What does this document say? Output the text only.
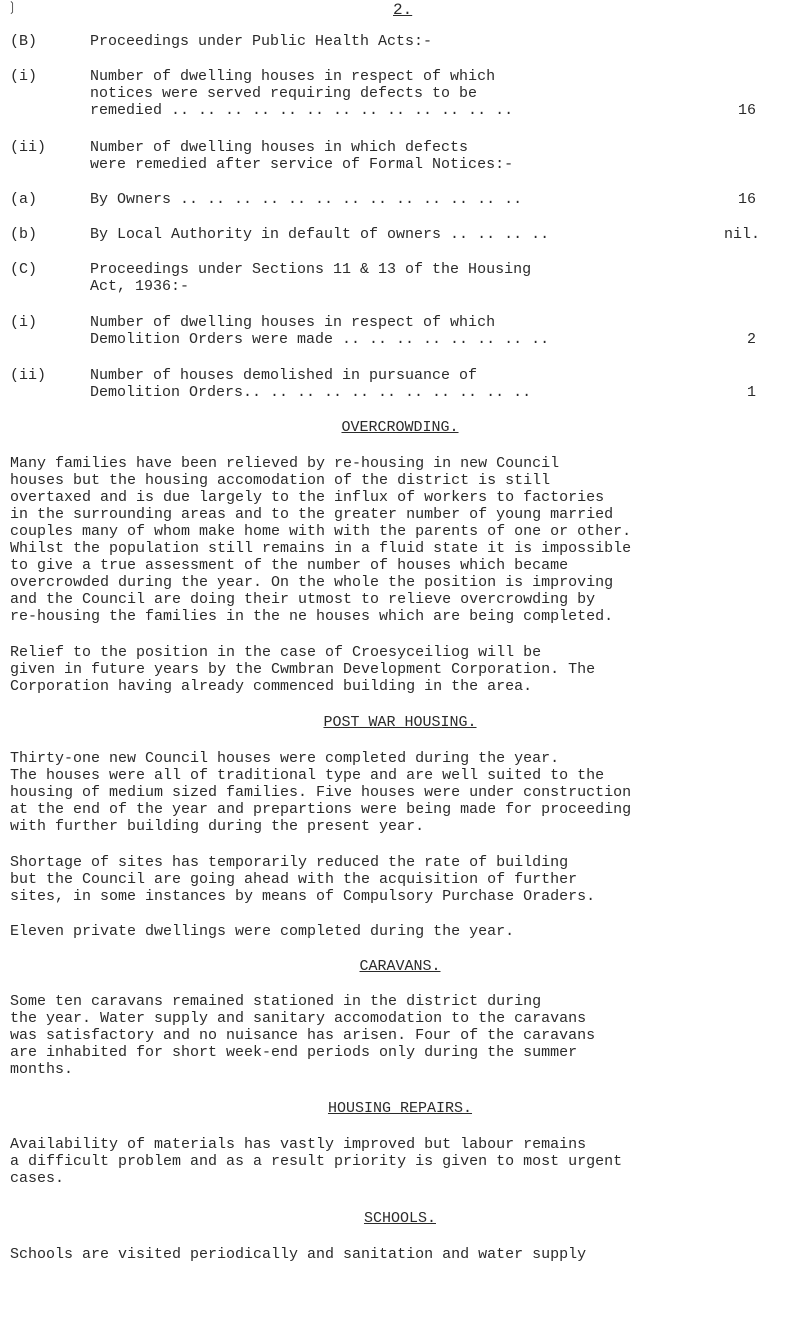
❳	2.
(B)	Proceedings under Public Health Acts:-
(i)	Number of dwelling houses in respect of which
notices were served requiring defects to be
remedied .. .. .. .. .. .. .. .. .. .. .. .. ..	16
(ii)	Number of dwelling houses in which defects
were remedied after service of Formal Notices:-
(a)	By Owners .. .. .. .. .. .. .. .. .. .. .. .. ..	16
(b)	By Local Authority in default of owners .. .. .. ..	nil.
(C)	Proceedings under Sections 11 & 13 of the Housing
Act, 1936:-
(i)	Number of dwelling houses in respect of which
Demolition Orders were made .. .. .. .. .. .. .. ..	2
(ii)	Number of houses demolished in pursuance of
Demolition Orders.. .. .. .. .. .. .. .. .. .. ..	1
OVERCROWDING.
Many families have been relieved by re-housing in new Council
houses but the housing accomodation of the district is still
overtaxed and is due largely to the influx of workers to factories
in the surrounding areas and to the greater number of young married
couples many of whom make home with with the parents of one or other.
Whilst the population still remains in a fluid state it is impossible
to give a true assessment of the number of houses which became
overcrowded during the year. On the whole the position is improving
and the Council are doing their utmost to relieve overcrowding by
re-housing the families in the ne houses which are being completed.
Relief to the position in the case of Croesyceiliog will be
given in future years by the Cwmbran Development Corporation. The
Corporation having already commenced building in the area.
POST WAR HOUSING.
Thirty-one new Council houses were completed during the year.
The houses were all of traditional type and are well suited to the
housing of medium sized families. Five houses were under construction
at the end of the year and prepartions were being made for proceeding
with further building during the present year.
Shortage of sites has temporarily reduced the rate of building
but the Council are going ahead with the acquisition of further
sites, in some instances by means of Compulsory Purchase Oraders.
Eleven private dwellings were completed during the year.
CARAVANS.
Some ten caravans remained stationed in the district during
the year. Water supply and sanitary accomodation to the caravans
was satisfactory and no nuisance has arisen. Four of the caravans
are inhabited for short week-end periods only during the summer
months.
HOUSING REPAIRS.
Availability of materials has vastly improved but labour remains
a difficult problem and as a result priority is given to most urgent
cases.
SCHOOLS.
Schools are visited periodically and sanitation and water supply
